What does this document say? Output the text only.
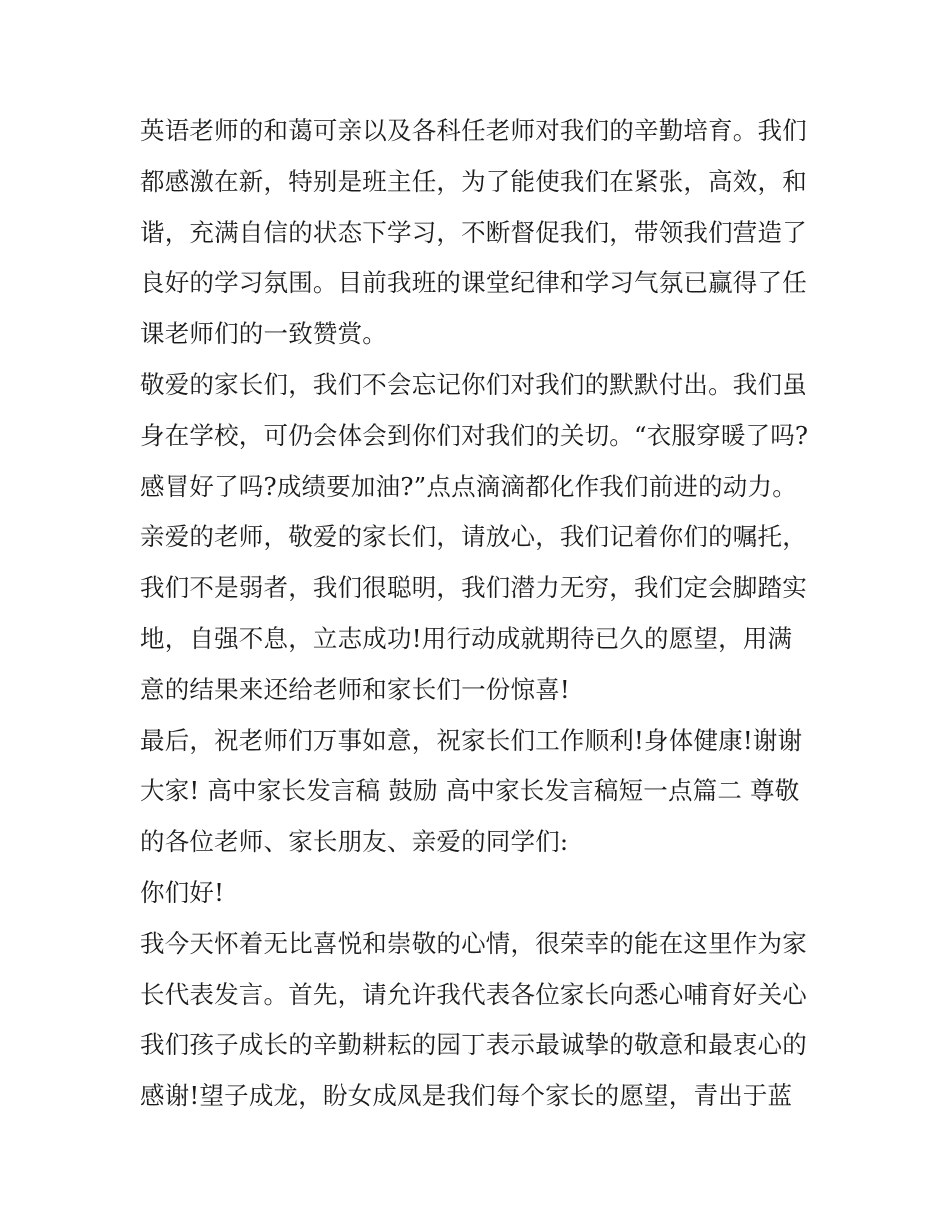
英语老师的和蔼可亲以及各科任老师对我们的辛勤培育。我们
都感激在新，特别是班主任，为了能使我们在紧张，高效，和
谐，充满自信的状态下学习，不断督促我们，带领我们营造了
良好的学习氛围。目前我班的课堂纪律和学习气氛已赢得了任
课老师们的一致赞赏。
敬爱的家长们，我们不会忘记你们对我们的默默付出。我们虽
身在学校，可仍会体会到你们对我们的关切。“衣服穿暖了吗?
感冒好了吗?成绩要加油?”点点滴滴都化作我们前进的动力。
亲爱的老师，敬爱的家长们，请放心，我们记着你们的嘱托，
我们不是弱者，我们很聪明，我们潜力无穷，我们定会脚踏实
地，自强不息，立志成功!用行动成就期待已久的愿望，用满
意的结果来还给老师和家长们一份惊喜!
最后，祝老师们万事如意，祝家长们工作顺利!身体健康!谢谢
大家! 高中家长发言稿 鼓励 高中家长发言稿短一点篇二 尊敬
的各位老师、家长朋友、亲爱的同学们:
你们好!
我今天怀着无比喜悦和崇敬的心情，很荣幸的能在这里作为家
长代表发言。首先，请允许我代表各位家长向悉心哺育好关心
我们孩子成长的辛勤耕耘的园丁表示最诚挚的敬意和最衷心的
感谢!望子成龙，盼女成凤是我们每个家长的愿望，青出于蓝
